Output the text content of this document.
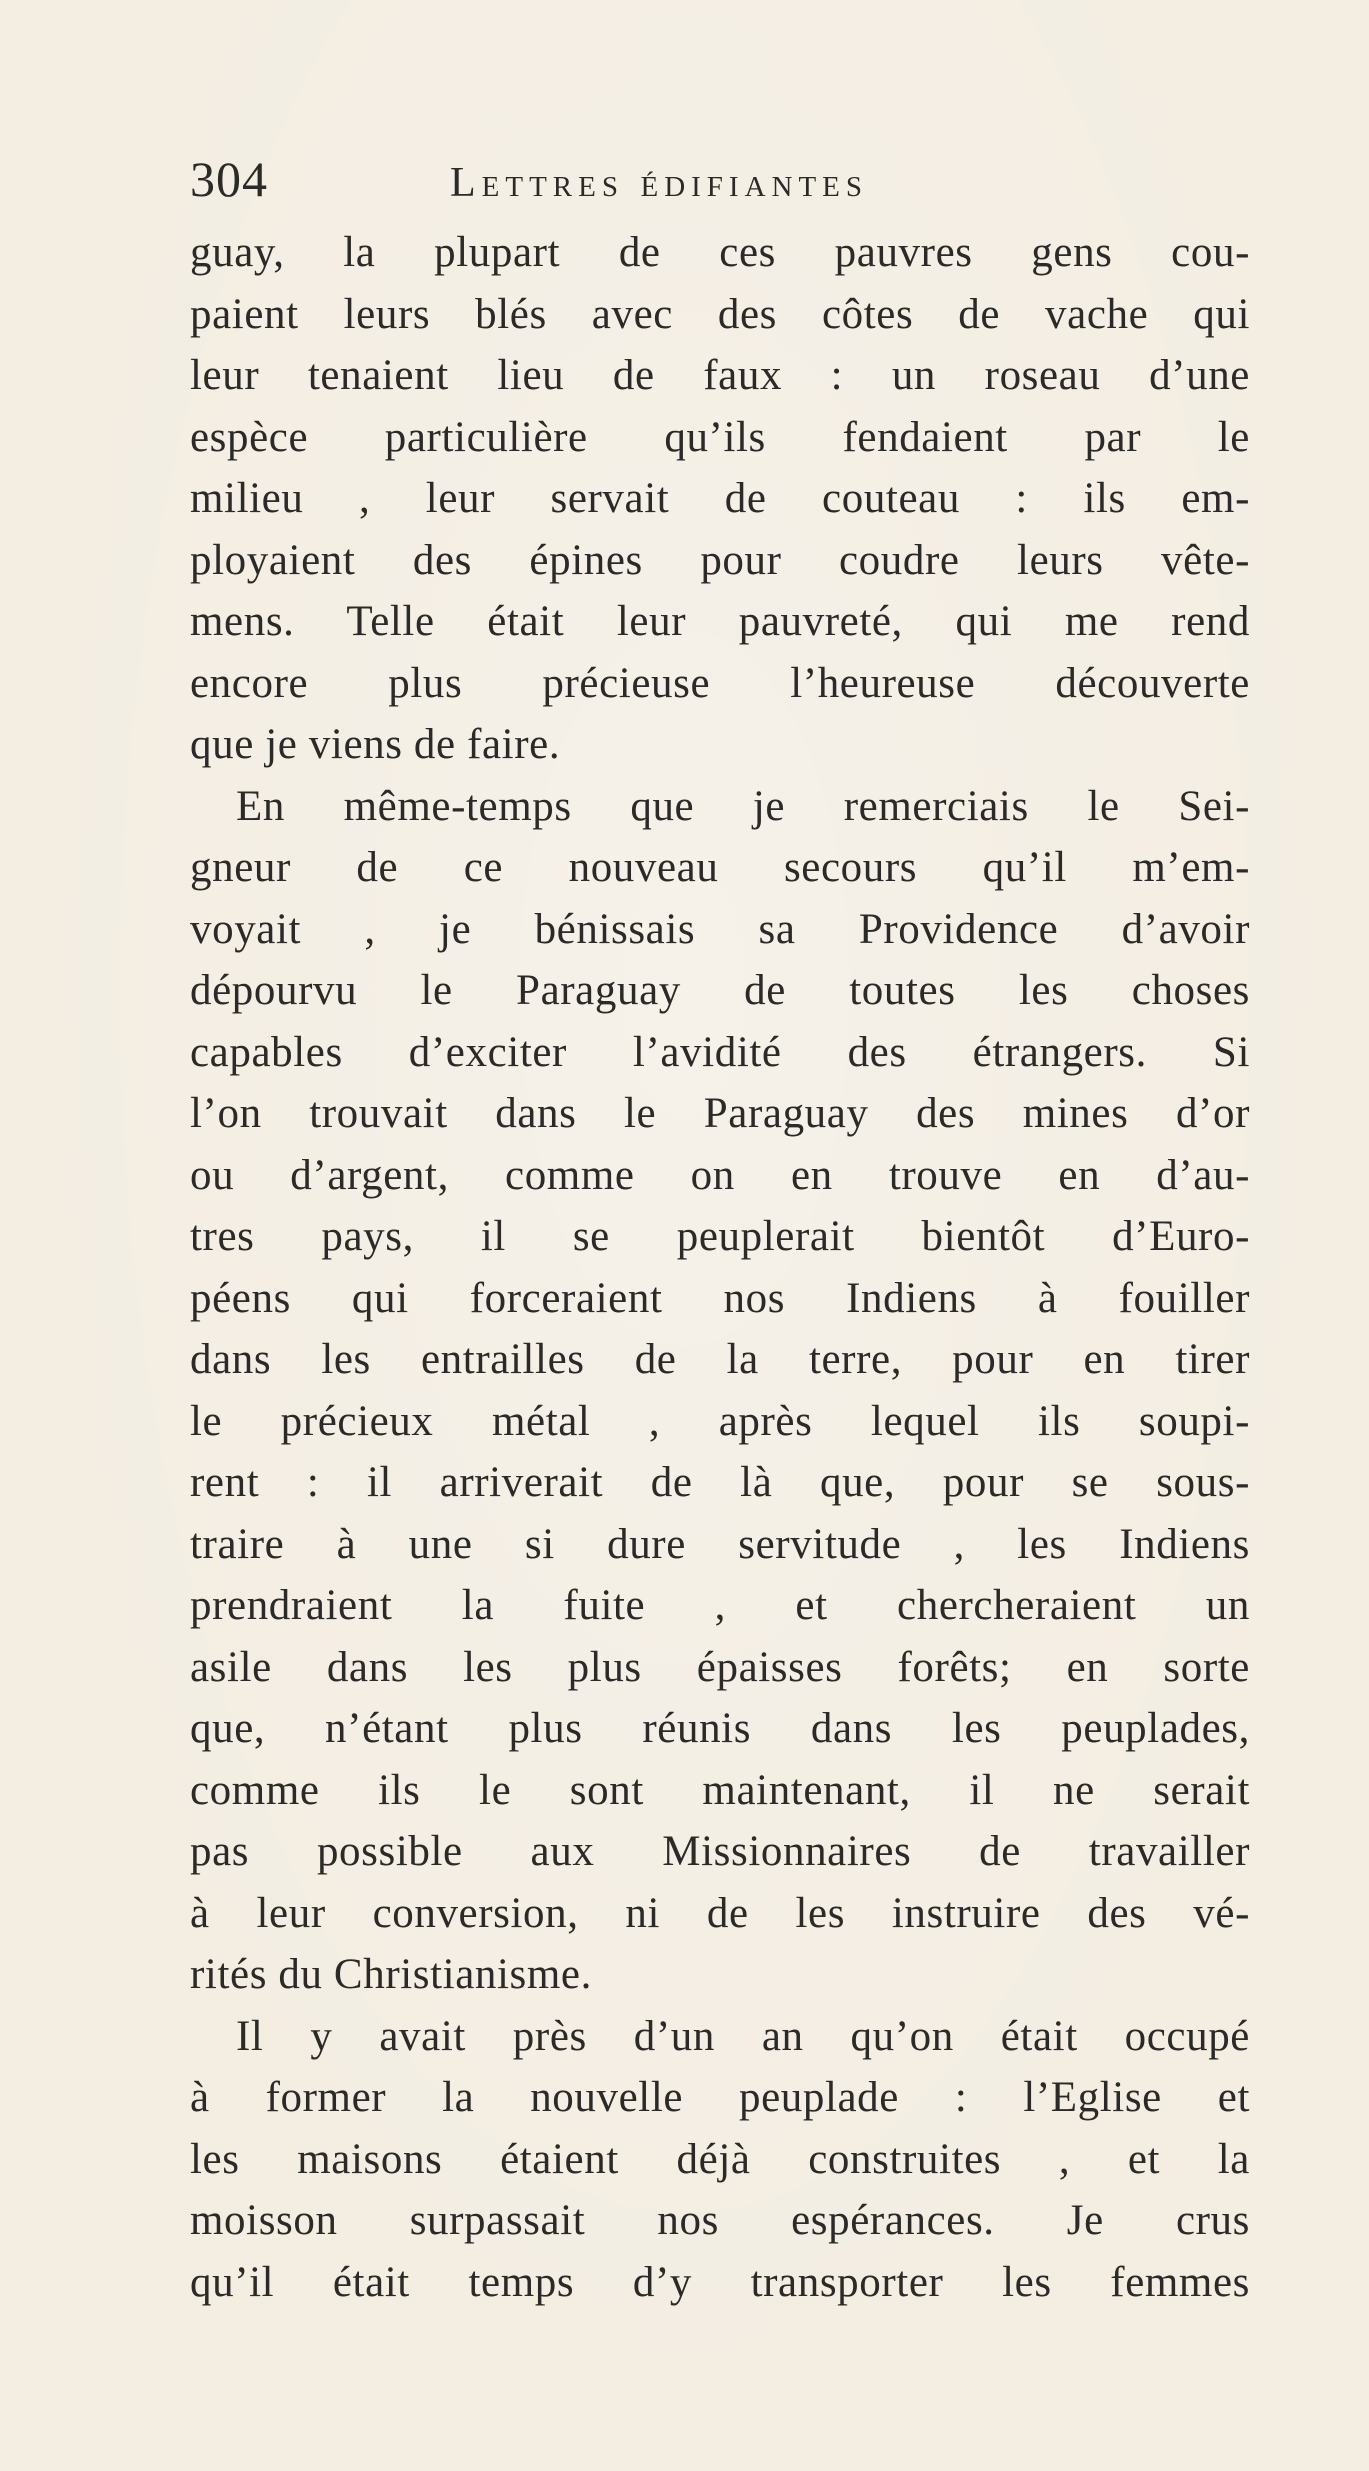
304	Lettres édifiantes
guay, la plupart de ces pauvres gens cou-
paient leurs blés avec des côtes de vache qui
leur tenaient lieu de faux : un roseau d’une
espèce particulière qu’ils fendaient par le
milieu , leur servait de couteau : ils em-
ployaient des épines pour coudre leurs vête-
mens. Telle était leur pauvreté, qui me rend
encore plus précieuse l’heureuse découverte
que je viens de faire.
En même-temps que je remerciais le Sei-
gneur de ce nouveau secours qu’il m’em-
voyait , je bénissais sa Providence d’avoir
dépourvu le Paraguay de toutes les choses
capables d’exciter l’avidité des étrangers. Si
l’on trouvait dans le Paraguay des mines d’or
ou d’argent, comme on en trouve en d’au-
tres pays, il se peuplerait bientôt d’Euro-
péens qui forceraient nos Indiens à fouiller
dans les entrailles de la terre, pour en tirer
le précieux métal , après lequel ils soupi-
rent : il arriverait de là que, pour se sous-
traire à une si dure servitude , les Indiens
prendraient la fuite , et chercheraient un
asile dans les plus épaisses forêts; en sorte
que, n’étant plus réunis dans les peuplades,
comme ils le sont maintenant, il ne serait
pas possible aux Missionnaires de travailler
à leur conversion, ni de les instruire des vé-
rités du Christianisme.
Il y avait près d’un an qu’on était occupé
à former la nouvelle peuplade : l’Eglise et
les maisons étaient déjà construites , et la
moisson surpassait nos espérances. Je crus
qu’il était temps d’y transporter les femmes
